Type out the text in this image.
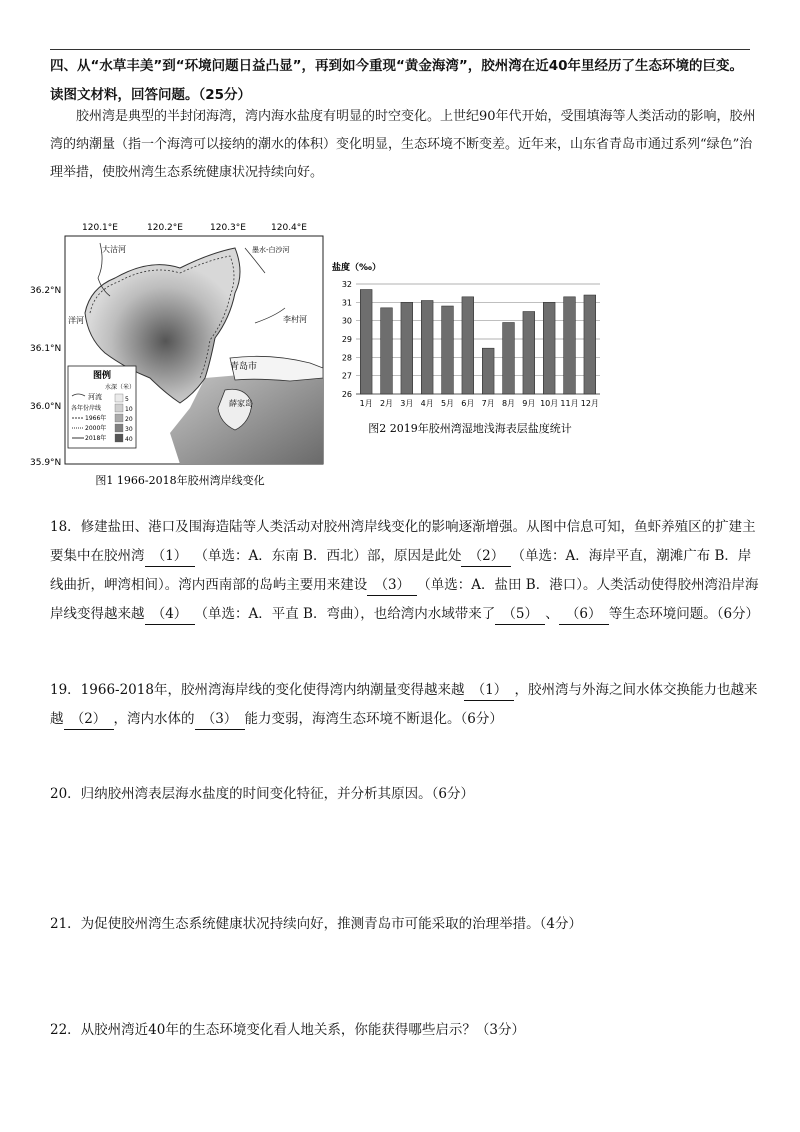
四、从“水草丰美”到“环境问题日益凸显”，再到如今重现“黄金海湾”，胶州湾在近40年里经历了生态环境的巨变。读图文材料，回答问题。（25分）
胶州湾是典型的半封闭海湾，湾内海水盐度有明显的时空变化。上世纪90年代开始，受围填海等人类活动的影响，胶州湾的纳潮量（指一个海湾可以接纳的潮水的体积）变化明显，生态环境不断变差。近年来，山东省青岛市通过系列“绿色”治理举措，使胶州湾生态系统健康状况持续向好。
120.1°E	120.2°E	120.3°E	120.4°E
36.2°N
36.1°N
36.0°N
35.9°N
大沽河	墨水-白沙河
洋河	李村河
青岛市
薛家岛
图例
水深（米）
河流
各年份岸线
1966年
2000年
2018年
5
10
20
30
40
图1 1966-2018年胶州湾岸线变化
盐度（‰）
26
27
28
29
30
31
32
1月 2月 3月 4月 5月 6月 7月 8月 9月 10月 11月 12月
图2 2019年胶州湾湿地浅海表层盐度统计
18．修建盐田、港口及围海造陆等人类活动对胶州湾岸线变化的影响逐渐增强。从图中信息可知，鱼虾养殖区的扩建主要集中在胶州湾 （1） （单选：A．东南 B．西北）部，原因是此处 （2） （单选：A．海岸平直，潮滩广布 B．岸线曲折，岬湾相间）。湾内西南部的岛屿主要用来建设 （3） （单选：A．盐田 B．港口）。人类活动使得胶州湾沿岸海岸线变得越来越 （4） （单选：A．平直 B．弯曲），也给湾内水域带来了 （5） 、 （6） 等生态环境问题。（6分）
19．1966-2018年，胶州湾海岸线的变化使得湾内纳潮量变得越来越 （1） ，胶州湾与外海之间水体交换能力也越来越 （2） ，湾内水体的 （3） 能力变弱，海湾生态环境不断退化。（6分）
20．归纳胶州湾表层海水盐度的时间变化特征，并分析其原因。（6分）
21．为促使胶州湾生态系统健康状况持续向好，推测青岛市可能采取的治理举措。（4分）
22．从胶州湾近40年的生态环境变化看人地关系，你能获得哪些启示？（3分）
